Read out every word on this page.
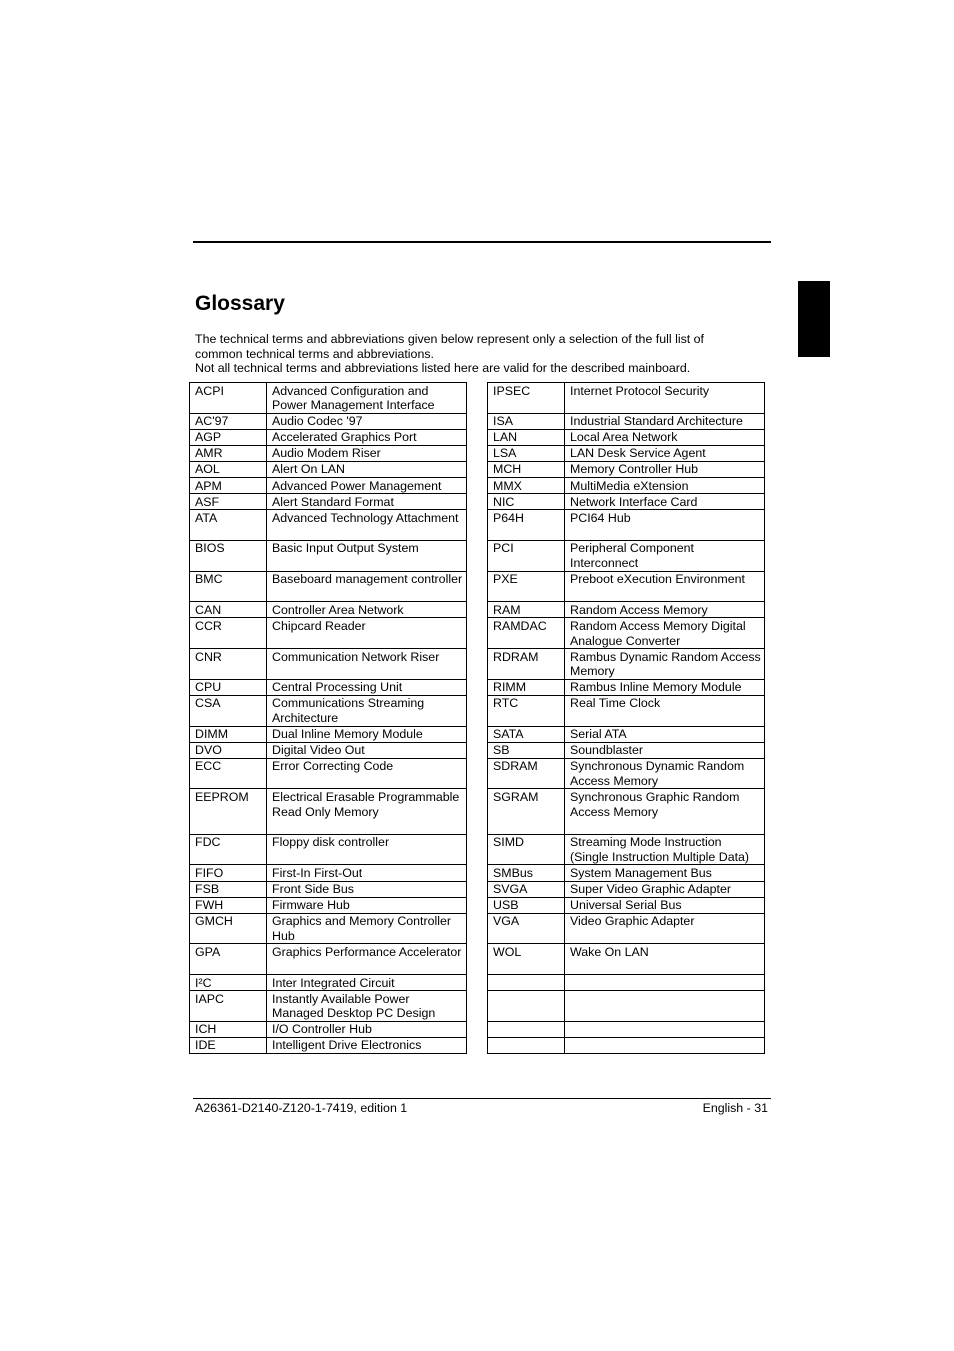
Glossary
The technical terms and abbreviations given below represent only a selection of the full list of
common technical terms and abbreviations.
Not all technical terms and abbreviations listed here are valid for the described mainboard.
ACPI	Advanced Configuration and Power Management Interface
AC'97	Audio Codec '97
AGP	Accelerated Graphics Port
AMR	Audio Modem Riser
AOL	Alert On LAN
APM	Advanced Power Management
ASF	Alert Standard Format
ATA	Advanced Technology Attachment
BIOS	Basic Input Output System
BMC	Baseboard management controller
CAN	Controller Area Network
CCR	Chipcard Reader
CNR	Communication Network Riser
CPU	Central Processing Unit
CSA	Communications Streaming Architecture
DIMM	Dual Inline Memory Module
DVO	Digital Video Out
ECC	Error Correcting Code
EEPROM	Electrical Erasable Programmable Read Only Memory
FDC	Floppy disk controller
FIFO	First-In First-Out
FSB	Front Side Bus
FWH	Firmware Hub
GMCH	Graphics and Memory Controller Hub
GPA	Graphics Performance Accelerator
I²C	Inter Integrated Circuit
IAPC	Instantly Available Power Managed Desktop PC Design
ICH	I/O Controller Hub
IDE	Intelligent Drive Electronics
IPSEC	Internet Protocol Security
ISA	Industrial Standard Architecture
LAN	Local Area Network
LSA	LAN Desk Service Agent
MCH	Memory Controller Hub
MMX	MultiMedia eXtension
NIC	Network Interface Card
P64H	PCI64 Hub
PCI	Peripheral Component Interconnect
PXE	Preboot eXecution Environment
RAM	Random Access Memory
RAMDAC	Random Access Memory Digital Analogue Converter
RDRAM	Rambus Dynamic Random Access Memory
RIMM	Rambus Inline Memory Module
RTC	Real Time Clock
SATA	Serial ATA
SB	Soundblaster
SDRAM	Synchronous Dynamic Random Access Memory
SGRAM	Synchronous Graphic Random Access Memory
SIMD	Streaming Mode Instruction (Single Instruction Multiple Data)
SMBus	System Management Bus
SVGA	Super Video Graphic Adapter
USB	Universal Serial Bus
VGA	Video Graphic Adapter
WOL	Wake On LAN

A26361-D2140-Z120-1-7419, edition 1	English - 31
